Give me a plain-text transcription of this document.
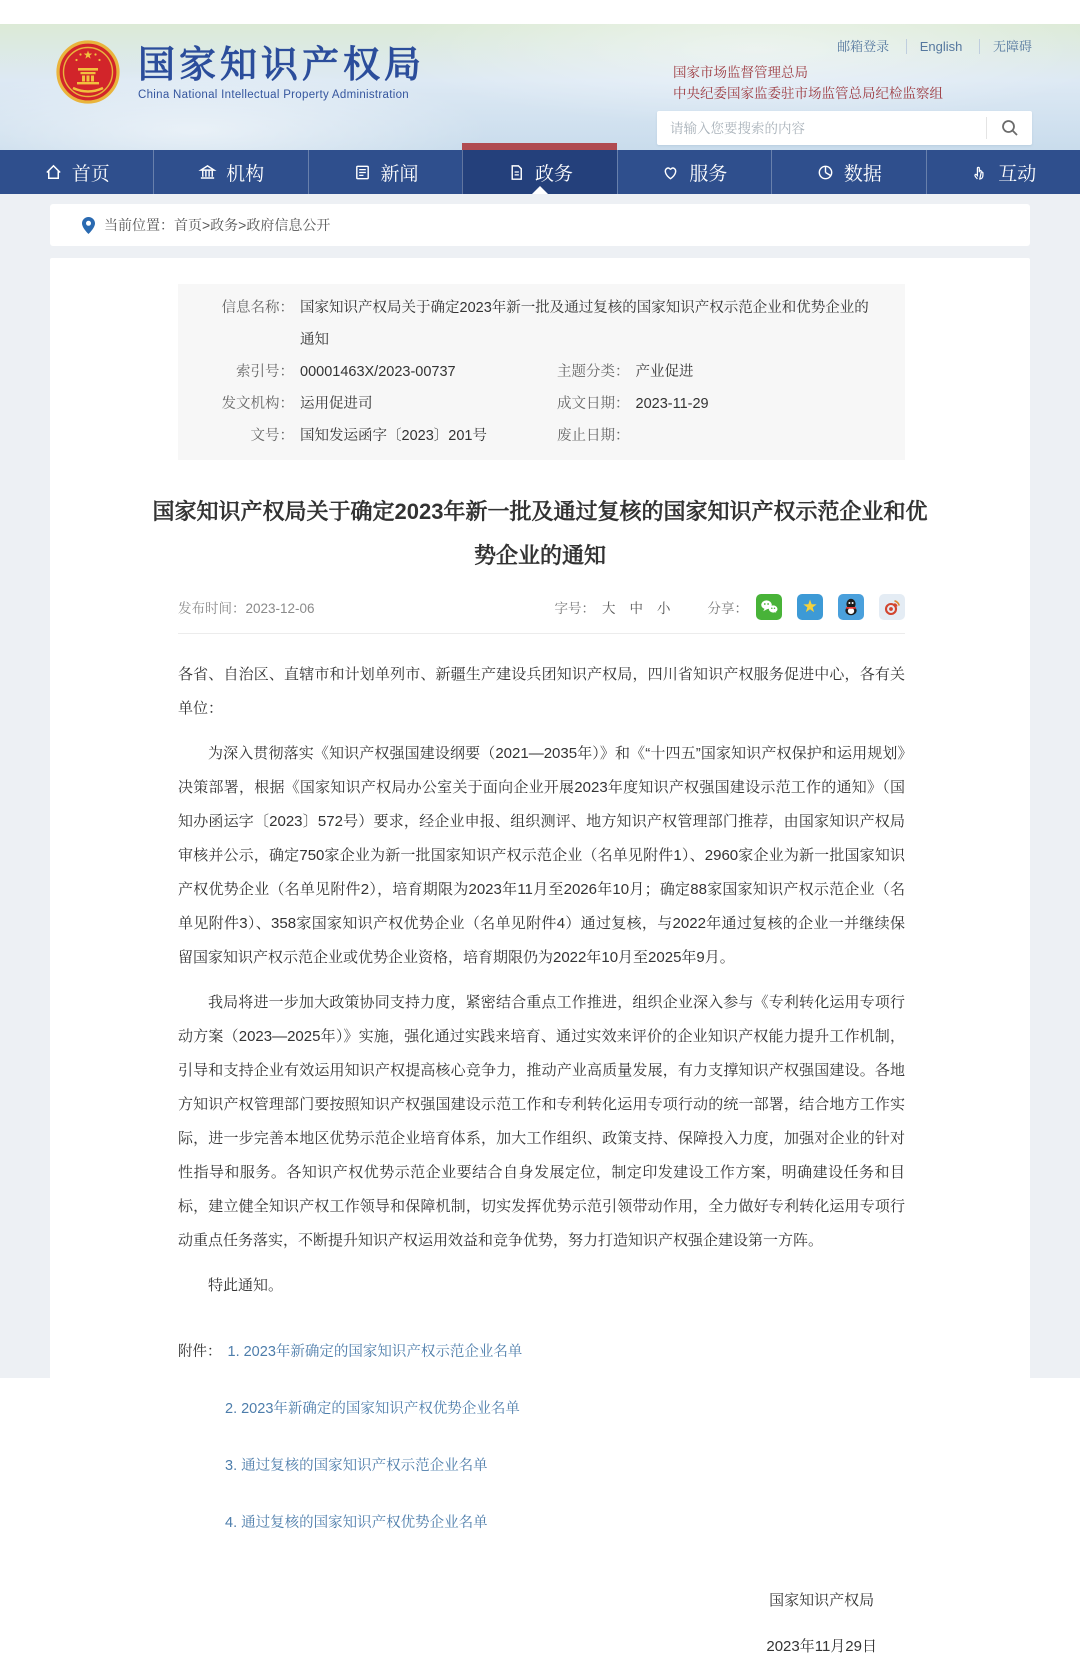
国家知识产权局
China National Intellectual Property Administration
邮箱登录 English 无障碍
国家市场监督管理总局
中央纪委国家监委驻市场监管总局纪检监察组
请输入您要搜索的内容
首页	机构	新闻	政务	服务	数据	互动
当前位置： 首页>政务>政府信息公开
信息名称： 国家知识产权局关于确定2023年新一批及通过复核的国家知识产权示范企业和优势企业的通知
索引号： 00001463X/2023-00737	主题分类： 产业促进
发文机构： 运用促进司	成文日期： 2023-11-29
文号： 国知发运函字〔2023〕201号	废止日期：
国家知识产权局关于确定2023年新一批及通过复核的国家知识产权示范企业和优势企业的通知
发布时间：2023-12-06	字号： 大 中 小	分享：

各省、自治区、直辖市和计划单列市、新疆生产建设兵团知识产权局，四川省知识产权服务促进中心，各有关单位：

为深入贯彻落实《知识产权强国建设纲要（2021—2035年）》和《“十四五”国家知识产权保护和运用规划》决策部署，根据《国家知识产权局办公室关于面向企业开展2023年度知识产权强国建设示范工作的通知》（国知办函运字〔2023〕572号）要求，经企业申报、组织测评、地方知识产权管理部门推荐，由国家知识产权局审核并公示，确定750家企业为新一批国家知识产权示范企业（名单见附件1）、2960家企业为新一批国家知识产权优势企业（名单见附件2），培育期限为2023年11月至2026年10月；确定88家国家知识产权示范企业（名单见附件3）、358家国家知识产权优势企业（名单见附件4）通过复核，与2022年通过复核的企业一并继续保留国家知识产权示范企业或优势企业资格，培育期限仍为2022年10月至2025年9月。

我局将进一步加大政策协同支持力度，紧密结合重点工作推进，组织企业深入参与《专利转化运用专项行动方案（2023—2025年）》实施，强化通过实践来培育、通过实效来评价的企业知识产权能力提升工作机制，引导和支持企业有效运用知识产权提高核心竞争力，推动产业高质量发展，有力支撑知识产权强国建设。各地方知识产权管理部门要按照知识产权强国建设示范工作和专利转化运用专项行动的统一部署，结合地方工作实际，进一步完善本地区优势示范企业培育体系，加大工作组织、政策支持、保障投入力度，加强对企业的针对性指导和服务。各知识产权优势示范企业要结合自身发展定位，制定印发建设工作方案，明确建设任务和目标，建立健全知识产权工作领导和保障机制，切实发挥优势示范引领带动作用，全力做好专利转化运用专项行动重点任务落实，不断提升知识产权运用效益和竞争优势，努力打造知识产权强企建设第一方阵。

特此通知。

附件： 1. 2023年新确定的国家知识产权示范企业名单
2. 2023年新确定的国家知识产权优势企业名单
3. 通过复核的国家知识产权示范企业名单
4. 通过复核的国家知识产权优势企业名单
国家知识产权局
2023年11月29日
